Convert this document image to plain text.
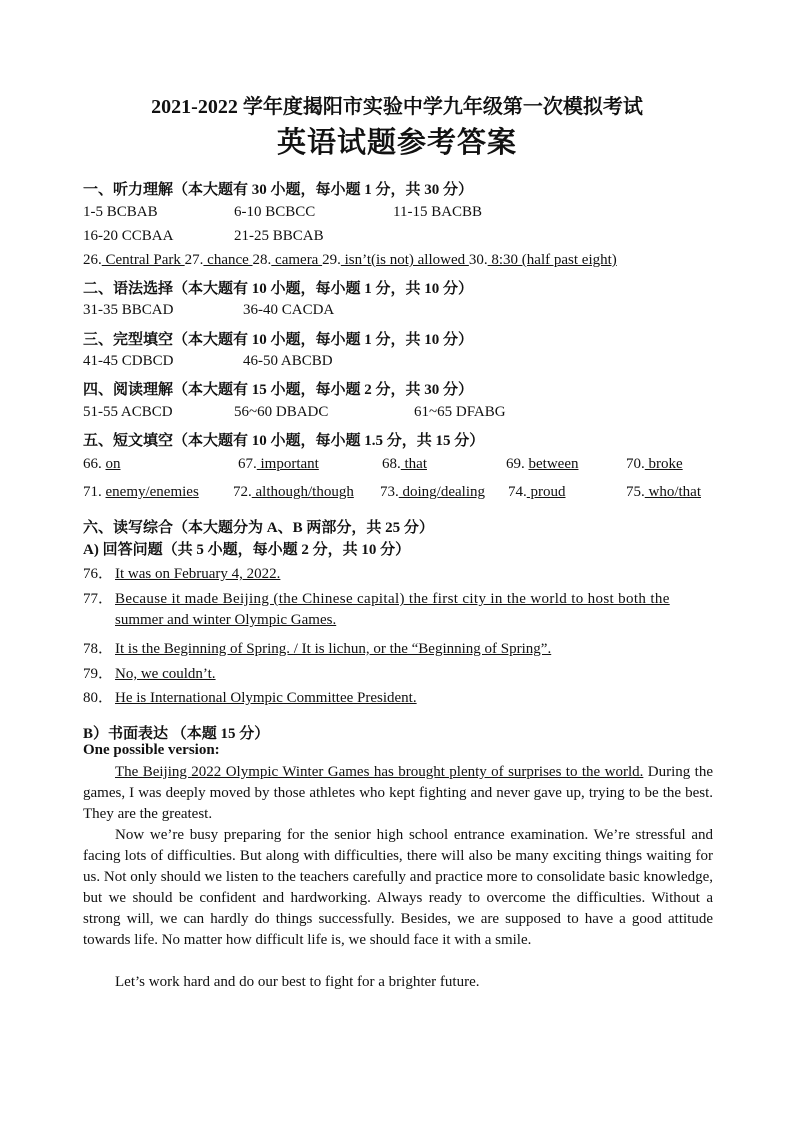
2021-2022 学年度揭阳市实验中学九年级第一次模拟考试
英语试题参考答案
一、听力理解（本大题有 30 小题，每小题 1 分，共 30 分）
1-5 BCBAB	6-10 BCBCC	11-15 BACBB
16-20 CCBAA	21-25 BBCAB
26. Central Park 27. chance 28. camera 29. isn’t(is not) allowed 30. 8:30 (half past eight)
二、语法选择（本大题有 10 小题，每小题 1 分，共 10 分）
31-35 BBCAD	36-40 CACDA
三、完型填空（本大题有 10 小题，每小题 1 分，共 10 分）
41-45 CDBCD	46-50 ABCBD
四、阅读理解（本大题有 15 小题，每小题 2 分，共 30 分）
51-55 ACBCD	56~60 DBADC	61~65 DFABG
五、短文填空（本大题有 10 小题，每小题 1.5 分，共 15 分）
66. on	67. important	68. that	69. between	70. broke
71. enemy/enemies 72. although/though 73. doing/dealing 74. proud	75. who/that
六、读写综合（本大题分为 A、B 两部分，共 25 分）
A) 回答问题（共 5 小题，每小题 2 分，共 10 分）
76． It was on February 4, 2022.
77． Because it made Beijing (the Chinese capital) the first city in the world to host both the
summer and winter Olympic Games.
78． It is the Beginning of Spring. / It is lichun, or the “Beginning of Spring”.
79． No, we couldn’t.
80． He is International Olympic Committee President.
B）书面表达 （本题 15 分）
One possible version:
The Beijing 2022 Olympic Winter Games has brought plenty of surprises to the world. During the games, I was deeply moved by those athletes who kept fighting and never gave up, trying to be the best. They are the greatest.
Now we’re busy preparing for the senior high school entrance examination. We’re stressful and facing lots of difficulties. But along with difficulties, there will also be many exciting things waiting for us. Not only should we listen to the teachers carefully and practice more to consolidate basic knowledge, but we should be confident and hardworking. Always ready to overcome the difficulties. Without a strong will, we can hardly do things successfully. Besides, we are supposed to have a good attitude towards life. No matter how difficult life is, we should face it with a smile.
Let’s work hard and do our best to fight for a brighter future.
